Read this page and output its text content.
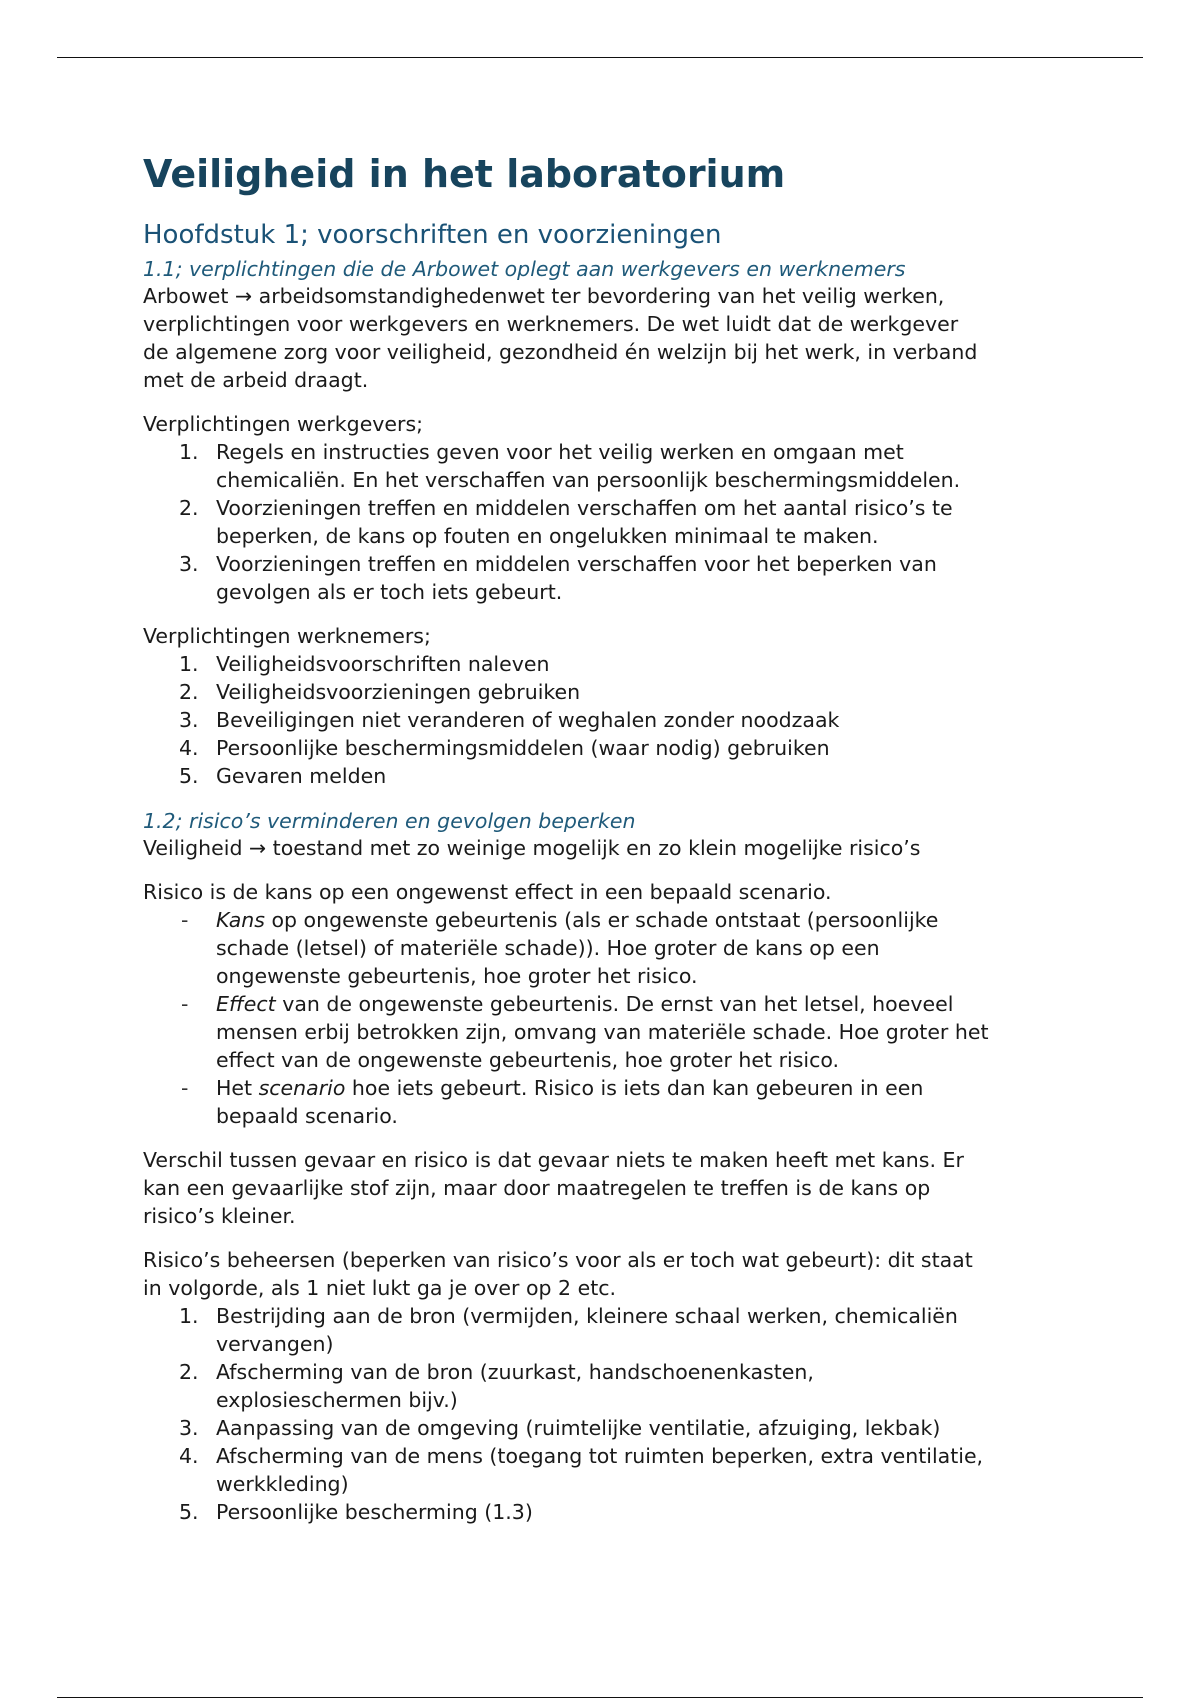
Veiligheid in het laboratorium
Hoofdstuk 1; voorschriften en voorzieningen
1.1; verplichtingen die de Arbowet oplegt aan werkgevers en werknemers

Arbowet → arbeidsomstandighedenwet ter bevordering van het veilig werken,
verplichtingen voor werkgevers en werknemers. De wet luidt dat de werkgever
de algemene zorg voor veiligheid, gezondheid én welzijn bij het werk, in verband
met de arbeid draagt.

Verplichtingen werkgevers;

1. Regels en instructies geven voor het veilig werken en omgaan met
chemicaliën. En het verschaffen van persoonlijk beschermingsmiddelen.
2. Voorzieningen treffen en middelen verschaffen om het aantal risico’s te
beperken, de kans op fouten en ongelukken minimaal te maken.
3. Voorzieningen treffen en middelen verschaffen voor het beperken van
gevolgen als er toch iets gebeurt.

Verplichtingen werknemers;

1. Veiligheidsvoorschriften naleven
2. Veiligheidsvoorzieningen gebruiken
3. Beveiligingen niet veranderen of weghalen zonder noodzaak
4. Persoonlijke beschermingsmiddelen (waar nodig) gebruiken
5. Gevaren melden
1.2; risico’s verminderen en gevolgen beperken

Veiligheid → toestand met zo weinige mogelijk en zo klein mogelijke risico’s

Risico is de kans op een ongewenst effect in een bepaald scenario.

- Kans op ongewenste gebeurtenis (als er schade ontstaat (persoonlijke
schade (letsel) of materiële schade)). Hoe groter de kans op een
ongewenste gebeurtenis, hoe groter het risico.
- Effect van de ongewenste gebeurtenis. De ernst van het letsel, hoeveel
mensen erbij betrokken zijn, omvang van materiële schade. Hoe groter het
effect van de ongewenste gebeurtenis, hoe groter het risico.
- Het scenario hoe iets gebeurt. Risico is iets dan kan gebeuren in een
bepaald scenario.

Verschil tussen gevaar en risico is dat gevaar niets te maken heeft met kans. Er
kan een gevaarlijke stof zijn, maar door maatregelen te treffen is de kans op
risico’s kleiner.

Risico’s beheersen (beperken van risico’s voor als er toch wat gebeurt): dit staat
in volgorde, als 1 niet lukt ga je over op 2 etc.

1. Bestrijding aan de bron (vermijden, kleinere schaal werken, chemicaliën
vervangen)
2. Afscherming van de bron (zuurkast, handschoenenkasten,
explosieschermen bijv.)
3. Aanpassing van de omgeving (ruimtelijke ventilatie, afzuiging, lekbak)
4. Afscherming van de mens (toegang tot ruimten beperken, extra ventilatie,
werkkleding)
5. Persoonlijke bescherming (1.3)
